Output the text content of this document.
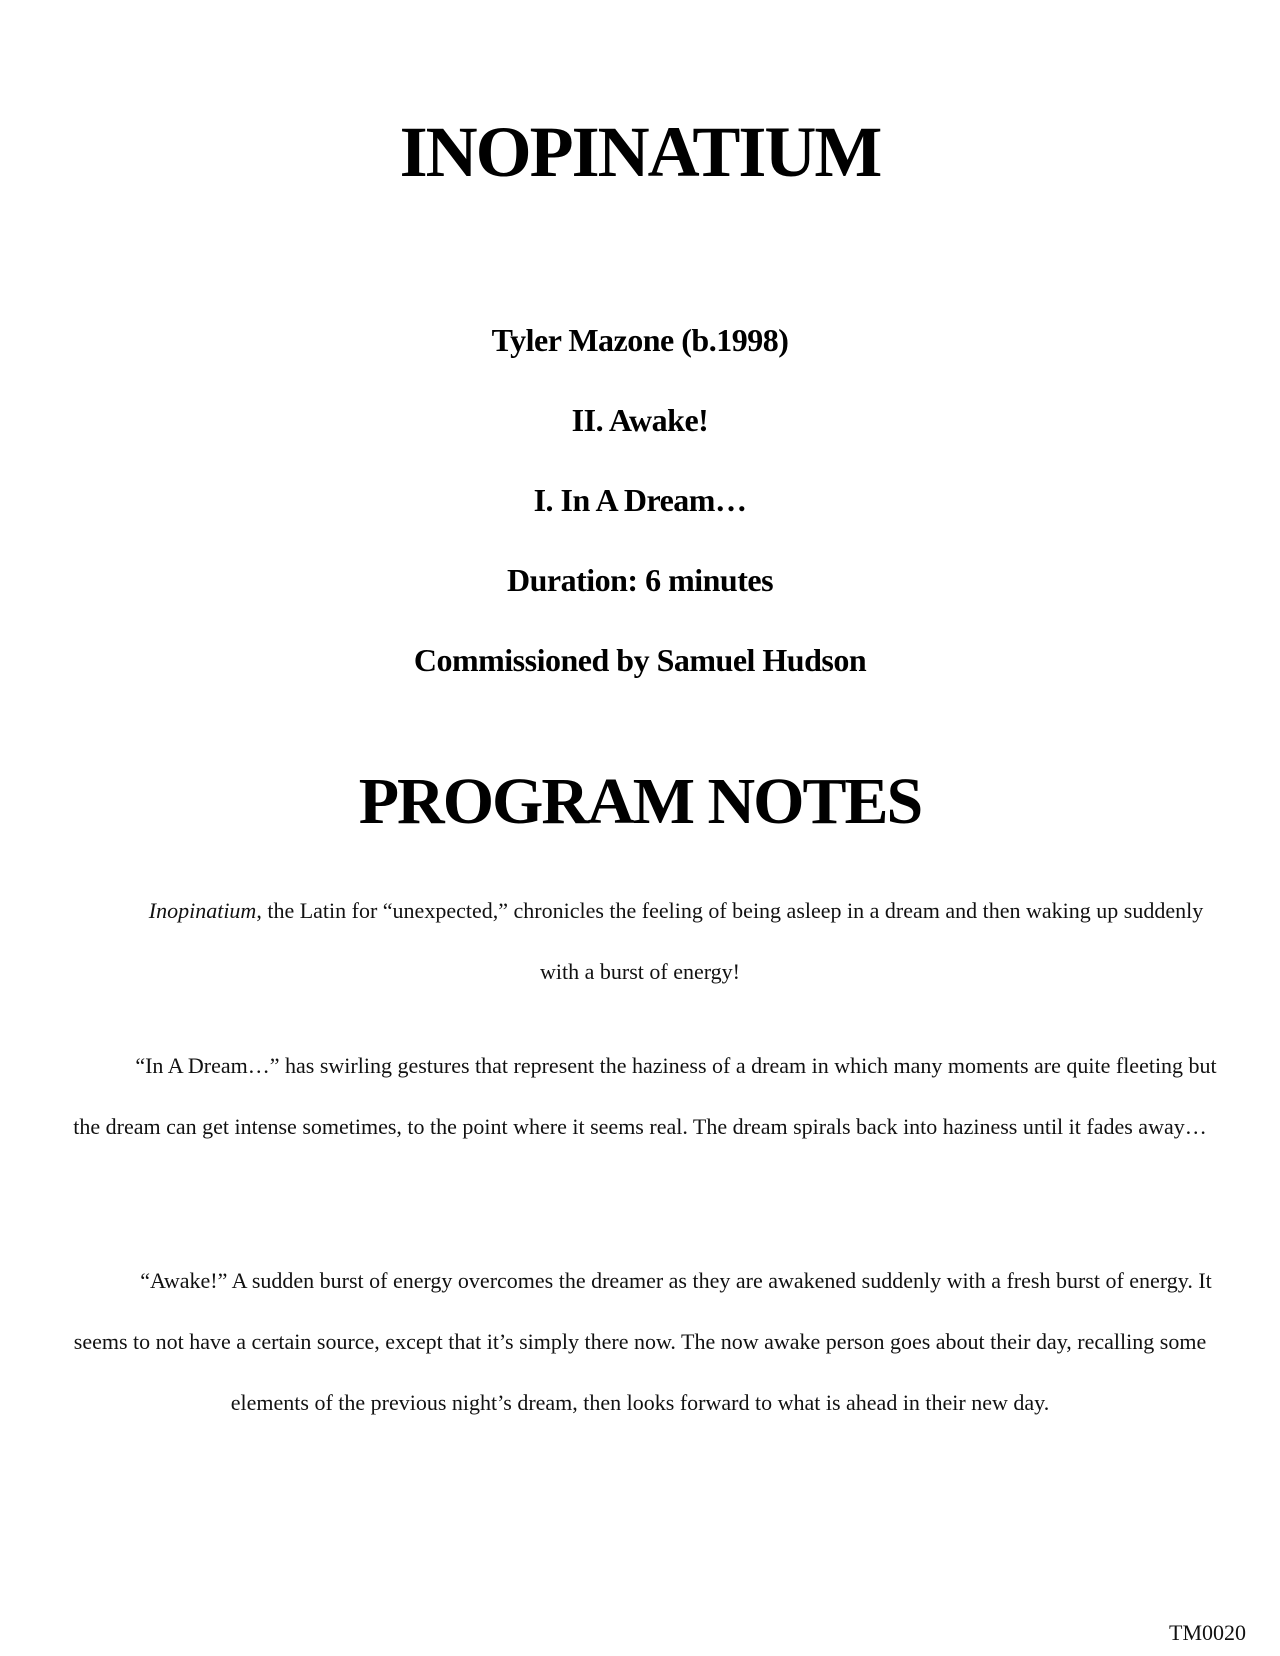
INOPINATIUM
Tyler Mazone (b.1998)
II. Awake!
I. In A Dream…
Duration: 6 minutes
Commissioned by Samuel Hudson
PROGRAM NOTES

Inopinatium, the Latin for “unexpected,” chronicles the feeling of being asleep in a dream and then waking up suddenly with a burst of energy!

“In A Dream…” has swirling gestures that represent the haziness of a dream in which many moments are quite fleeting but the dream can get intense sometimes, to the point where it seems real. The dream spirals back into haziness until it fades away…

“Awake!” A sudden burst of energy overcomes the dreamer as they are awakened suddenly with a fresh burst of energy. It seems to not have a certain source, except that it’s simply there now. The now awake person goes about their day, recalling some elements of the previous night’s dream, then looks forward to what is ahead in their new day.

TM0020
